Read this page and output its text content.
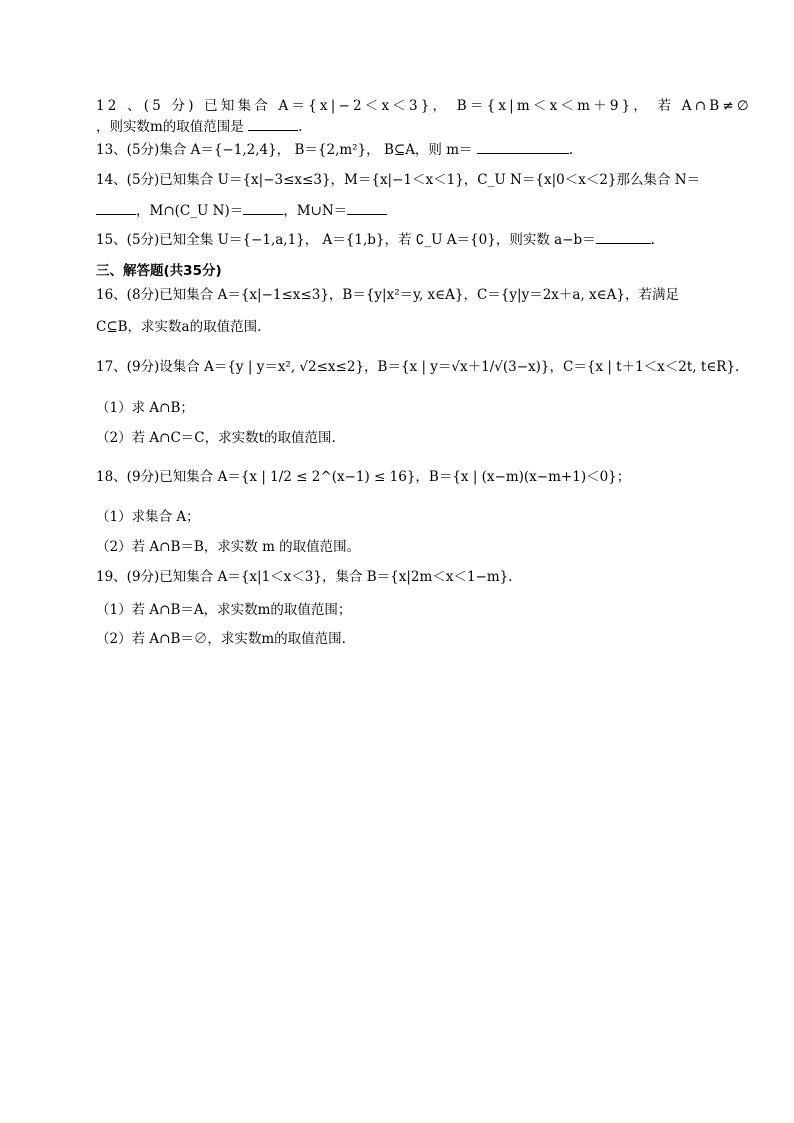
12 、(5 分) 已知集合 A＝{x|−2＜x＜3}， B＝{x|m＜x＜m＋9}， 若 A∩B≠∅
，则实数m的取值范围是	.
13、(5分)集合 A＝{−1,2,4}， B＝{2,m²}， B⊆A，则 m＝	.
14、(5分)已知集合 U＝{x|−3≤x≤3}，M＝{x|−1＜x＜1}，C_U N＝{x|0＜x＜2}那么集合 N＝
，M∩(C_U N)＝	，M∪N＝
15、(5分)已知全集 U＝{−1,a,1}， A＝{1,b}，若 ∁_U A＝{0}，则实数 a−b＝	.
三、解答题(共35分)
16、(8分)已知集合 A＝{x|−1≤x≤3}，B＝{y|x²＝y, x∈A}，C＝{y|y＝2x＋a, x∈A}，若满足
C⊆B，求实数a的取值范围.
17、(9分)设集合 A＝{y | y＝x², √2≤x≤2}，B＝{x | y＝√x＋1/√(3−x)}，C＝{x | t＋1＜x＜2t, t∈R}.
（1）求 A∩B；
（2）若 A∩C＝C，求实数t的取值范围.
18、(9分)已知集合 A＝{x | 1/2 ≤ 2^(x−1) ≤ 16}，B＝{x | (x−m)(x−m+1)＜0}；
（1）求集合 A；
（2）若 A∩B＝B，求实数 m 的取值范围。
19、(9分)已知集合 A＝{x|1＜x＜3}，集合 B＝{x|2m＜x＜1−m}.
（1）若 A∩B＝A，求实数m的取值范围；
（2）若 A∩B＝∅，求实数m的取值范围.
